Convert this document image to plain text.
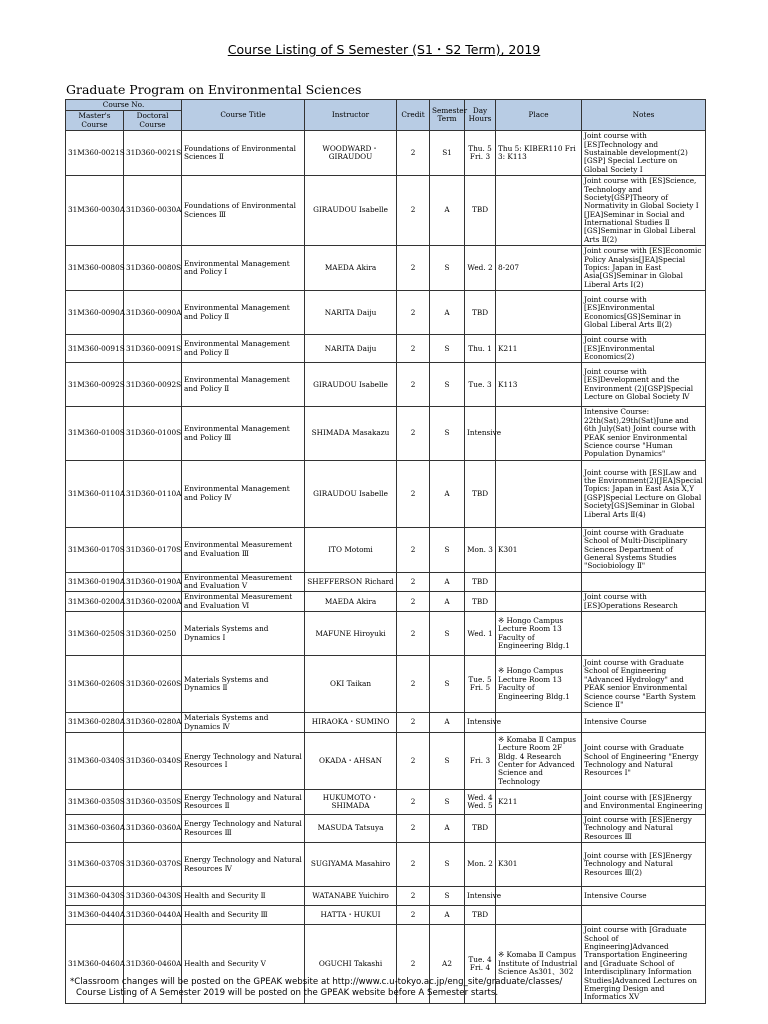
Course Listing of S Semester (S1・S2 Term), 2019
Graduate Program on Environmental Sciences
Course No.		Course Title	Instructor	Credit	Semester Term	Day Hours	Place	Notes
Master's Course	Doctoral Course							
31M360-0021S	31D360-0021S	Foundations of Environmental Sciences Ⅱ	WOODWARD・GIRAUDOU	2	S1	Thu. 5 Fri. 3	Thu 5: KIBER110 Fri 3: K113	Joint course with [ES]Technology and Sustainable development(2)[GSP] Special Lecture on Global Society Ⅰ
31M360-0030A	31D360-0030A	Foundations of Environmental Sciences Ⅲ	GIRAUDOU Isabelle	2	A	TBD		Joint course with [ES]Science, Technology and Society[GSP]Theory of Normativity in Global Society Ⅰ [JEA]Seminar in Social and International Studies Ⅱ [GS]Seminar in Global Liberal Arts Ⅱ(2)
31M360-0080S	31D360-0080S	Environmental Management and Policy Ⅰ	MAEDA Akira	2	S	Wed. 2	8-207	Joint course with [ES]Economic Policy Analysis[JEA]Special Topics: Japan in East Asia[GS]Seminar in Global Liberal Arts Ⅰ(2)
31M360-0090A	31D360-0090A	Environmental Management and Policy Ⅱ	NARITA Daiju	2	A	TBD		Joint course with [ES]Environmental Economics[GS]Seminar in Global Liberal Arts Ⅱ(2)
31M360-0091S	31D360-0091S	Environmental Management and Policy Ⅱ	NARITA Daiju	2	S	Thu. 1	K211	Joint course with [ES]Environmental Economics(2)
31M360-0092S	31D360-0092S	Environmental Management and Policy Ⅱ	GIRAUDOU Isabelle	2	S	Tue. 3	K113	Joint course with [ES]Development and the Environment (2)[GSP]Special Lecture on Global Society Ⅳ
31M360-0100S	31D360-0100S	Environmental Management and Policy Ⅲ	SHIMADA Masakazu	2	S	Intensive		Intensive Course: 22th(Sat),29th(Sat)June and 6th July(Sat) Joint course with PEAK senior Environmental Science course "Human Population Dynamics"
31M360-0110A	31D360-0110A	Environmental Management and Policy Ⅳ	GIRAUDOU Isabelle	2	A	TBD		Joint course with [ES]Law and the Environment(2)[JEA]Special Topics: Japan in East Asia X,Y [GSP]Special Lecture on Global Society[GS]Seminar in Global Liberal Arts Ⅱ(4)
31M360-0170S	31D360-0170S	Environmental Measurement and Evaluation Ⅲ	ITO Motomi	2	S	Mon. 3	K301	Joint course with Graduate School of Multi-Disciplinary Sciences Department of General Systems Studies "Sociobiology Ⅱ"
31M360-0190A	31D360-0190A	Environmental Measurement and Evaluation Ⅴ	SHEFFERSON Richard	2	A	TBD		
31M360-0200A	31D360-0200A	Environmental Measurement and Evaluation Ⅵ	MAEDA Akira	2	A	TBD		Joint course with [ES]Operations Research
31M360-0250S	31D360-0250	Materials Systems and Dynamics Ⅰ	MAFUNE Hiroyuki	2	S	Wed. 1	※ Hongo Campus Lecture Room 13 Faculty of Engineering Bldg.1	
31M360-0260S	31D360-0260S	Materials Systems and Dynamics Ⅱ	OKI Taikan	2	S	Tue. 5 Fri. 5	※ Hongo Campus Lecture Room 13 Faculty of Engineering Bldg.1	Joint course with Graduate School of Engineering "Advanced Hydrology" and PEAK senior Environmental Science course "Earth System Science Ⅱ"
31M360-0280A	31D360-0280A	Materials Systems and Dynamics Ⅳ	HIRAOKA・SUMINO	2	A	Intensive		Intensive Course
31M360-0340S	31D360-0340S	Energy Technology and Natural Resources Ⅰ	OKADA・AHSAN	2	S	Fri. 3	※ Komaba Ⅱ Campus Lecture Room 2F Bldg. 4 Research Center for Advanced Science and Technology	Joint course with Graduate School of Engineering "Energy Technology and Natural Resources Ⅰ"
31M360-0350S	31D360-0350S	Energy Technology and Natural Resources Ⅱ	HUKUMOTO・SHIMADA	2	S	Wed. 4 Wed. 5	K211	Joint course with [ES]Energy and Environmental Engineering
31M360-0360A	31D360-0360A	Energy Technology and Natural Resources Ⅲ	MASUDA Tatsuya	2	A	TBD		Joint course with [ES]Energy Technology and Natural Resources Ⅲ
31M360-0370S	31D360-0370S	Energy Technology and Natural Resources Ⅳ	SUGIYAMA Masahiro	2	S	Mon. 2	K301	Joint course with [ES]Energy Technology and Natural Resources Ⅲ(2)
31M360-0430S	31D360-0430S	Health and Security Ⅱ	WATANABE Yuichiro	2	S	Intensive		Intensive Course
31M360-0440A	31D360-0440A	Health and Security Ⅲ	HATTA・HUKUI	2	A	TBD		
31M360-0460A	31D360-0460A	Health and Security Ⅴ	OGUCHI Takashi	2	A2	Tue. 4 Fri. 4	※ Komaba Ⅱ Campus Institute of Industrial Science As301、302	Joint course with [Graduate School of Engineering]Advanced Transportation Engineering and [Graduate School of Interdisciplinary Information Studies]Advanced Lectures on Emerging Design and Informatics XV
*Classroom changes will be posted on the GPEAK website at http://www.c.u-tokyo.ac.jp/eng_site/graduate/classes/
Course Listing of A Semester 2019 will be posted on the GPEAK website before A Semester starts.
